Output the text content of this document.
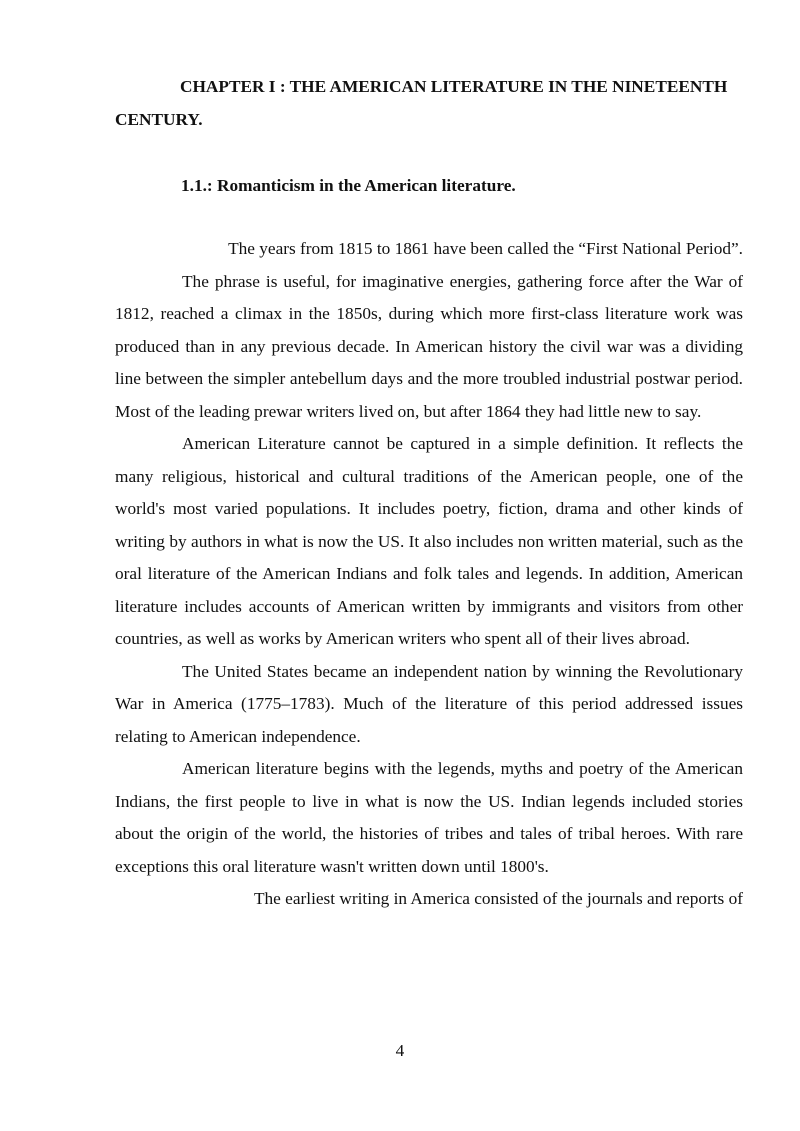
CHAPTER I : THE AMERICAN LITERATURE IN THE NINETEENTH CENTURY.
1.1.: Romanticism in the American literature.

The years from 1815 to 1861 have been called the “First National Period”.

The phrase is useful, for imaginative energies, gathering force after the War of 1812, reached a climax in the 1850s, during which more first-class literature work was produced than in any previous decade. In American history the civil war was a dividing line between the simpler antebellum days and the more troubled industrial postwar period. Most of the leading prewar writers lived on, but after 1864 they had little new to say.

American Literature cannot be captured in a simple definition. It reflects the many religious, historical and cultural traditions of the American people, one of the world's most varied populations. It includes poetry, fiction, drama and other kinds of writing by authors in what is now the US. It also includes non written material, such as the oral literature of the American Indians and folk tales and legends. In addition, American literature includes accounts of American written by immigrants and visitors from other countries, as well as works by American writers who spent all of their lives abroad.

The United States became an independent nation by winning the Revolutionary War in America (1775–1783). Much of the literature of this period addressed issues relating to American independence.

American literature begins with the legends, myths and poetry of the American Indians, the first people to live in what is now the US. Indian legends included stories about the origin of the world, the histories of tribes and tales of tribal heroes. With rare exceptions this oral literature wasn't written down until 1800's.

The earliest writing in America consisted of the journals and reports of

4
